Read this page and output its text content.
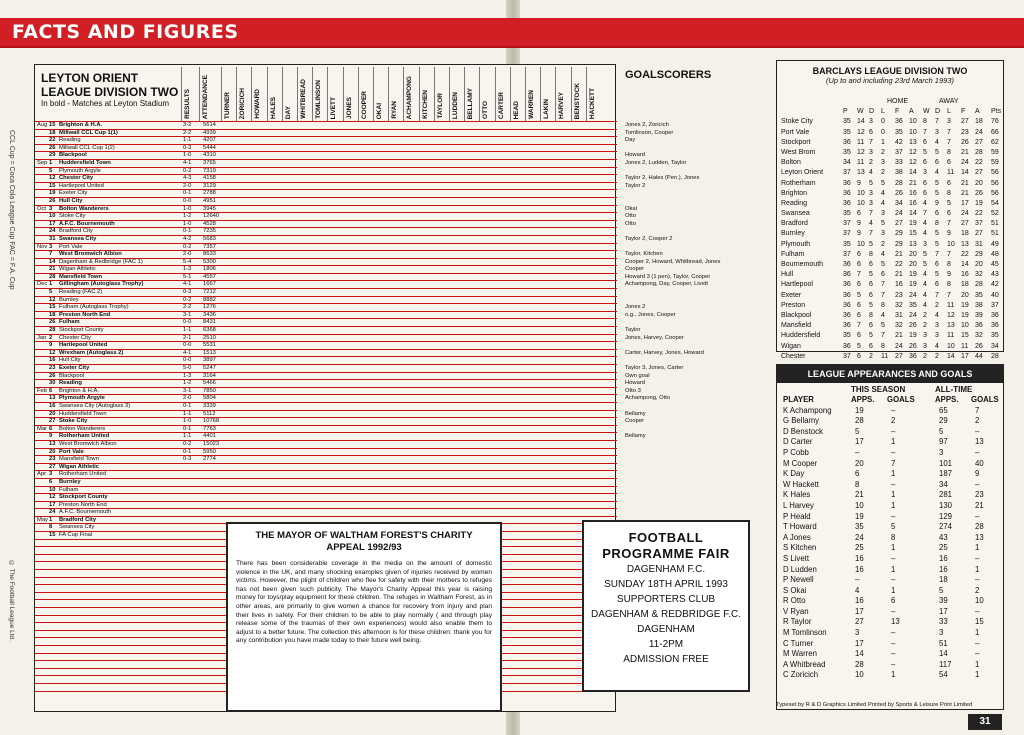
FACTS AND FIGURES
CCL Cup = Coca Cola League Cup FAC = F.A. Cup
© The Football League Ltd.
LEYTON ORIENT
LEAGUE DIVISION TWO
In bold - Matches at Leyton Stadium RESULTS ATTENDANCE TURNER ZORICICH HOWARD HALES DAY WHITBREAD TOMLINSON LIVETT JONES COOPER OKAI RYAN ACHAMPONG KITCHEN TAYLOR LUDDEN BELLAMY OTTO CARTER HEAD WARREN LAKIN HARVEY BENSTOCK HACKETT
GOALSCORERS
Aug 15 Brighton & H.A.	3-2	5614	Jones 2, Zoricich
18 Millwall CCL Cup 1(1)	2-2	4939	Tomlinson, Cooper
22 Reading	1-1	4207	Day
26 Millwall CCL Cup 1(2)	0-3	5444
29 Blackpool	1-0	4310	Howard
Sep 1	Huddersfield Town	4-1	3765	Jones 2, Ludden, Taylor
5	Plymouth Argyle	0-2	7319
12 Chester City	4-3	4158	Taylor 2, Hales (Pen.), Jones
15 Hartlepool United	2-0	3129	Taylor 2
19 Exeter City	0-1	2788
26 Hull City	0-0	4951
Oct 3	Bolton Wanderers	1-0	3945	Okai
10 Stoke City	1-2	12640	Otto
17 A.F.C. Bournemouth	1-0	4528	Otto
24 Bradford City	0-1	7235
31 Swansea City	4-2	5683	Taylor 2, Cooper 2
Nov 3	Port Vale	0-2	7357
7	West Bromwich Albion	2-0	8633	Taylor, Kitchen
14 Dagenham & Redbridge (FAC 1)	5-4	5300	Cooper 2, Howard, Whitbread, Jones
21 Wigan Athletic	1-3	1806	Cooper
28 Mansfield Town	5-1	4557	Howard 3 (1 pen), Taylor, Cooper
Dec 1	Gillingham (Autoglass Trophy)	4-1	1667	Achampong, Day, Cooper, Livett
5	Reading (FAC 2)	0-3	7212
12 Burnley	0-2	8882
15 Fulham (Autoglass Trophy)	2-2	1276	Jones 2
18 Preston North End	3-1	3436	o.g., Jones, Cooper
26 Fulham	0-0	8431
28 Stockport County	1-1	6368	Taylor
Jan 2	Chester City	2-1	2510	Jones, Harvey, Cooper
9	Hartlepool United	0-0	5531
12 Wrexham (Autoglass 2)	4-1	1513	Carter, Harvey, Jones, Howard
16 Hull City	0-0	3897
23 Exeter City	5-0	5247	Taylor 3, Jones, Carter
26 Blackpool	1-3	3164	Own goal
30 Reading	1-2	5466	Howard
Feb 6	Brighton & H.A.	3-1	7850	Otto 3
13 Plymouth Argyle	2-0	5804	Achampong, Otto
16 Swansea City (Autoglass 3)	0-1	3339
20 Huddersfield Town	1-1	5112	Bellamy
27 Stoke City	1-0	10768	Cooper
Mar 6	Bolton Wanderers	0-1	7763
9	Rotherham United	1-1	4401	Bellamy
13 West Bromwich Albion	0-2	15023
20 Port Vale	0-1	5950
23 Mansfield Town	0-3	2774
27 Wigan Athletic
Apr 3	Rotherham United
6	Burnley
10 Fulham
12 Stockport County
17 Preston North End
24 A.F.C. Bournemouth
May 1	Bradford City
8	Swansea City
15 FA Cup Final	THE MAYOR OF WALTHAM FOREST'S CHARITY APPEAL 1992/93
There has been considerable coverage in the media on the amount of domestic violence in the UK, and many shocking examples given of injuries received by women victims. However, the plight of children who flee for safety with their mothers to refuges has not been given such publicity. The Mayor's Charity Appeal this year is raising money for toys/play equipment for these children. The refuges in Waltham Forest, as in other areas, are primarily to give women a chance for recovery from injury and plan their lives in safety. For their children to be able to play normally ( and through play release some of the traumas of their own experiences) would also enable them to adjust to a better future. The collection this afternoon is for these children: thank you for any contribution you have made today to their future well being.
FOOTBALL
PROGRAMME FAIR
DAGENHAM F.C.
SUNDAY 18TH APRIL 1993
SUPPORTERS CLUB
DAGENHAM & REDBRIDGE F.C.
DAGENHAM
11-2PM
ADMISSION FREE
BARCLAYS LEAGUE DIVISION TWO
(Up to and including 23rd March 1993)
HOME	AWAY
P W D L F A W D L F A Pts
Stoke City	35 14 3 0 36 10 8 7 3 27 18 76
Port Vale	35 12 6 0 35 10 7 3 7 23 24 66
Stockport	36 11 7 1 42 13 6 4 7 26 27 62
West Brom	35 12 3 2 37 12 5 5 8 21 28 59
Bolton	34 11 2 3 33 12 6 6 6 24 22 59
Leyton Orient	37 13 4 2 38 14 3 4 11 14 27 56
Rotherham	36 9 5 5 28 21 6 5 6 21 20 56
Brighton	36 10 3 4 26 16 6 5 8 21 26 56
Reading	36 10 3 4 34 16 4 9 5 17 19 54
Swansea	35 6 7 3 24 14 7 6 6 24 22 52
Bradford	37 9 4 5 27 19 4 8 7 27 37 51
Burnley	37 9 7 3 29 15 4 5 9 18 27 51
Plymouth	35 10 5 2 29 13 3 5 10 13 31 49
Fulham	37 6 8 4 21 20 5 7 7 22 29 48
Bournemouth	36 6 6 5 22 20 5 6 8 14 20 45
Hull	36 7 5 6 21 19 4 5 9 16 32 43
Hartlepool	36 6 6 7 16 19 4 6 8 18 28 42
Exeter	36 5 6 7 23 24 4 7 7 20 35 40
Preston	36 6 5 8 32 35 4 2 11 19 38 37
Blackpool	36 6 8 4 31 24 2 4 12 19 39 36
Mansfield	36 7 6 5 32 26 2 3 13 10 36 36
Huddersfield	35 6 5 7 21 19 3 3 11 15 32 35
Wigan	36 5 6 8 24 26 3 4 10 11 26 34
Chester	37 6 2 11 27 36 2 2 14 17 44 28
LEAGUE APPEARANCES AND GOALS
THIS SEASON	ALL-TIME
PLAYER	APPS. GOALS	APPS. GOALS
K Achampong	19	–	65	7
G Bellamy	28	2	29	2
D Benstock	5	–	5	–
D Carter	17	1	97	13
P Cobb	–	–	3	–
M Cooper	20	7	101	40
K Day	6	1	187	9
W Hackett	8	–	34	–
K Hales	21	1	281	23
L Harvey	10	1	130	21
P Heald	19	–	129	–
T Howard	35	5	274	28
A Jones	24	8	43	13
S Kitchen	25	1	25	1
S Livett	16	–	16	–
D Ludden	16	1	16	1
P Newell	–	–	18	–
S Okai	4	1	5	2
R Otto	16	6	39	10
V Ryan	17	–	17	–
R Taylor	27	13	33	15
M Tomlinson	3	–	3	1
C Turner	17	–	51	–
M Warren	14	–	14	–
A Whitbread	28	–	117	1
C Zoricich	10	1	54	1
Typeset by R & D Graphics Limited Printed by Sports & Leisure Print Limited
31
